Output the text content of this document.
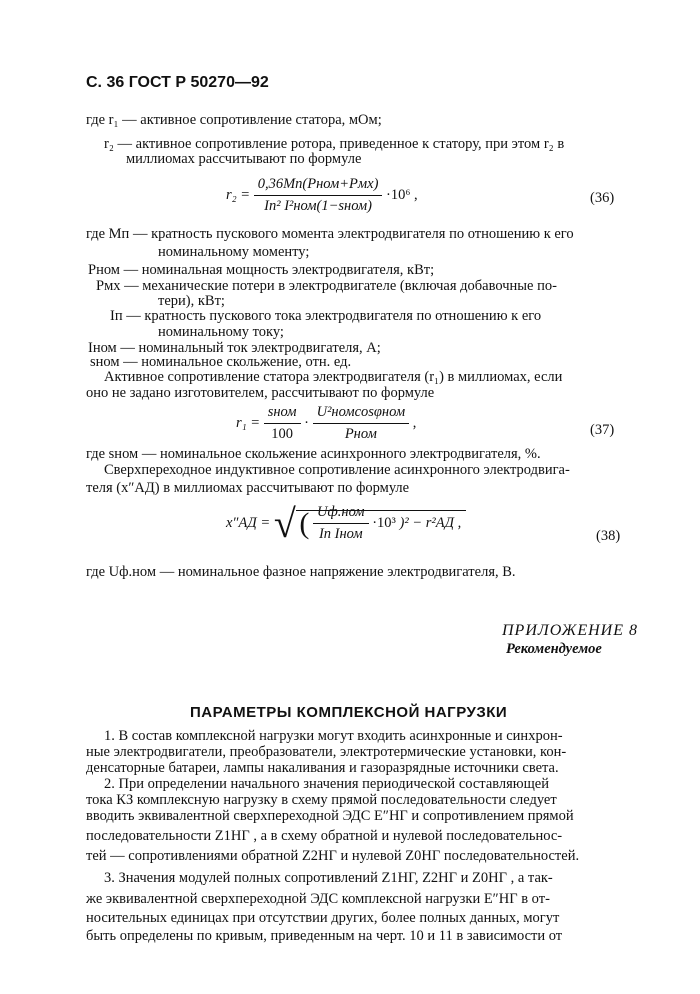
С. 36 ГОСТ Р 50270—92
где r₁ — активное сопротивление статора, мОм;
r₂ — активное сопротивление ротора, приведенное к статору, при этом r₂ в
миллиомах рассчитывают по формуле
$r_2 = \frac{\text{0,36Mп(Pном+Pмх)}}{\text{Iп² I²ном(1−sном)}} \cdot 10^6$ ,	(36)
где Mп — кратность пускового момента электродвигателя по отношению к его
номинальному моменту;
Pном — номинальная мощность электродвигателя, кВт;
Pмх — механические потери в электродвигателе (включая добавочные по-
тери), кВт;
Iп — кратность пускового тока электродвигателя по отношению к его
номинальному току;
Iном — номинальный ток электродвигателя, А;
sном — номинальное скольжение, отн. ед.
Активное сопротивление статора электродвигателя (r₁) в миллиомах, если
оно не задано изготовителем, рассчитывают по формуле
$r_1 = \frac{\text{sном}}{100} \cdot \frac{\text{U²номcosφном}}{\text{Pном}}$ ,	(37)
где sном — номинальное скольжение асинхронного электродвигателя, %.
Сверхпереходное индуктивное сопротивление асинхронного электродвига-
теля (x″АД) в миллиомах рассчитывают по формуле
x″АД = √ ( $\frac{\text{Uф.ном}}{\text{Iп Iном}} \cdot 10^3$ )² − r²АД ,
(38)
где Uф.ном — номинальное фазное напряжение электродвигателя, В.
ПРИЛОЖЕНИЕ 8
Рекомендуемое
ПАРАМЕТРЫ КОМПЛЕКСНОЙ НАГРУЗКИ
1. В состав комплексной нагрузки могут входить асинхронные и синхрон-
ные электродвигатели, преобразователи, электротермические установки, кон-
денсаторные батареи, лампы накаливания и газоразрядные источники света.
2. При определении начального значения периодической составляющей
тока КЗ комплексную нагрузку в схему прямой последовательности следует
вводить эквивалентной сверхпереходной ЭДС E″НГ и сопротивлением прямой
последовательности Z1НГ , а в схему обратной и нулевой последовательнос-
тей — сопротивлениями обратной Z2НГ и нулевой Z0НГ последовательностей.
3. Значения модулей полных сопротивлений Z1НГ, Z2НГ и Z0НГ , а так-
же эквивалентной сверхпереходной ЭДС комплексной нагрузки E″НГ в от-
носительных единицах при отсутствии других, более полных данных, могут
быть определены по кривым, приведенным на черт. 10 и 11 в зависимости от
